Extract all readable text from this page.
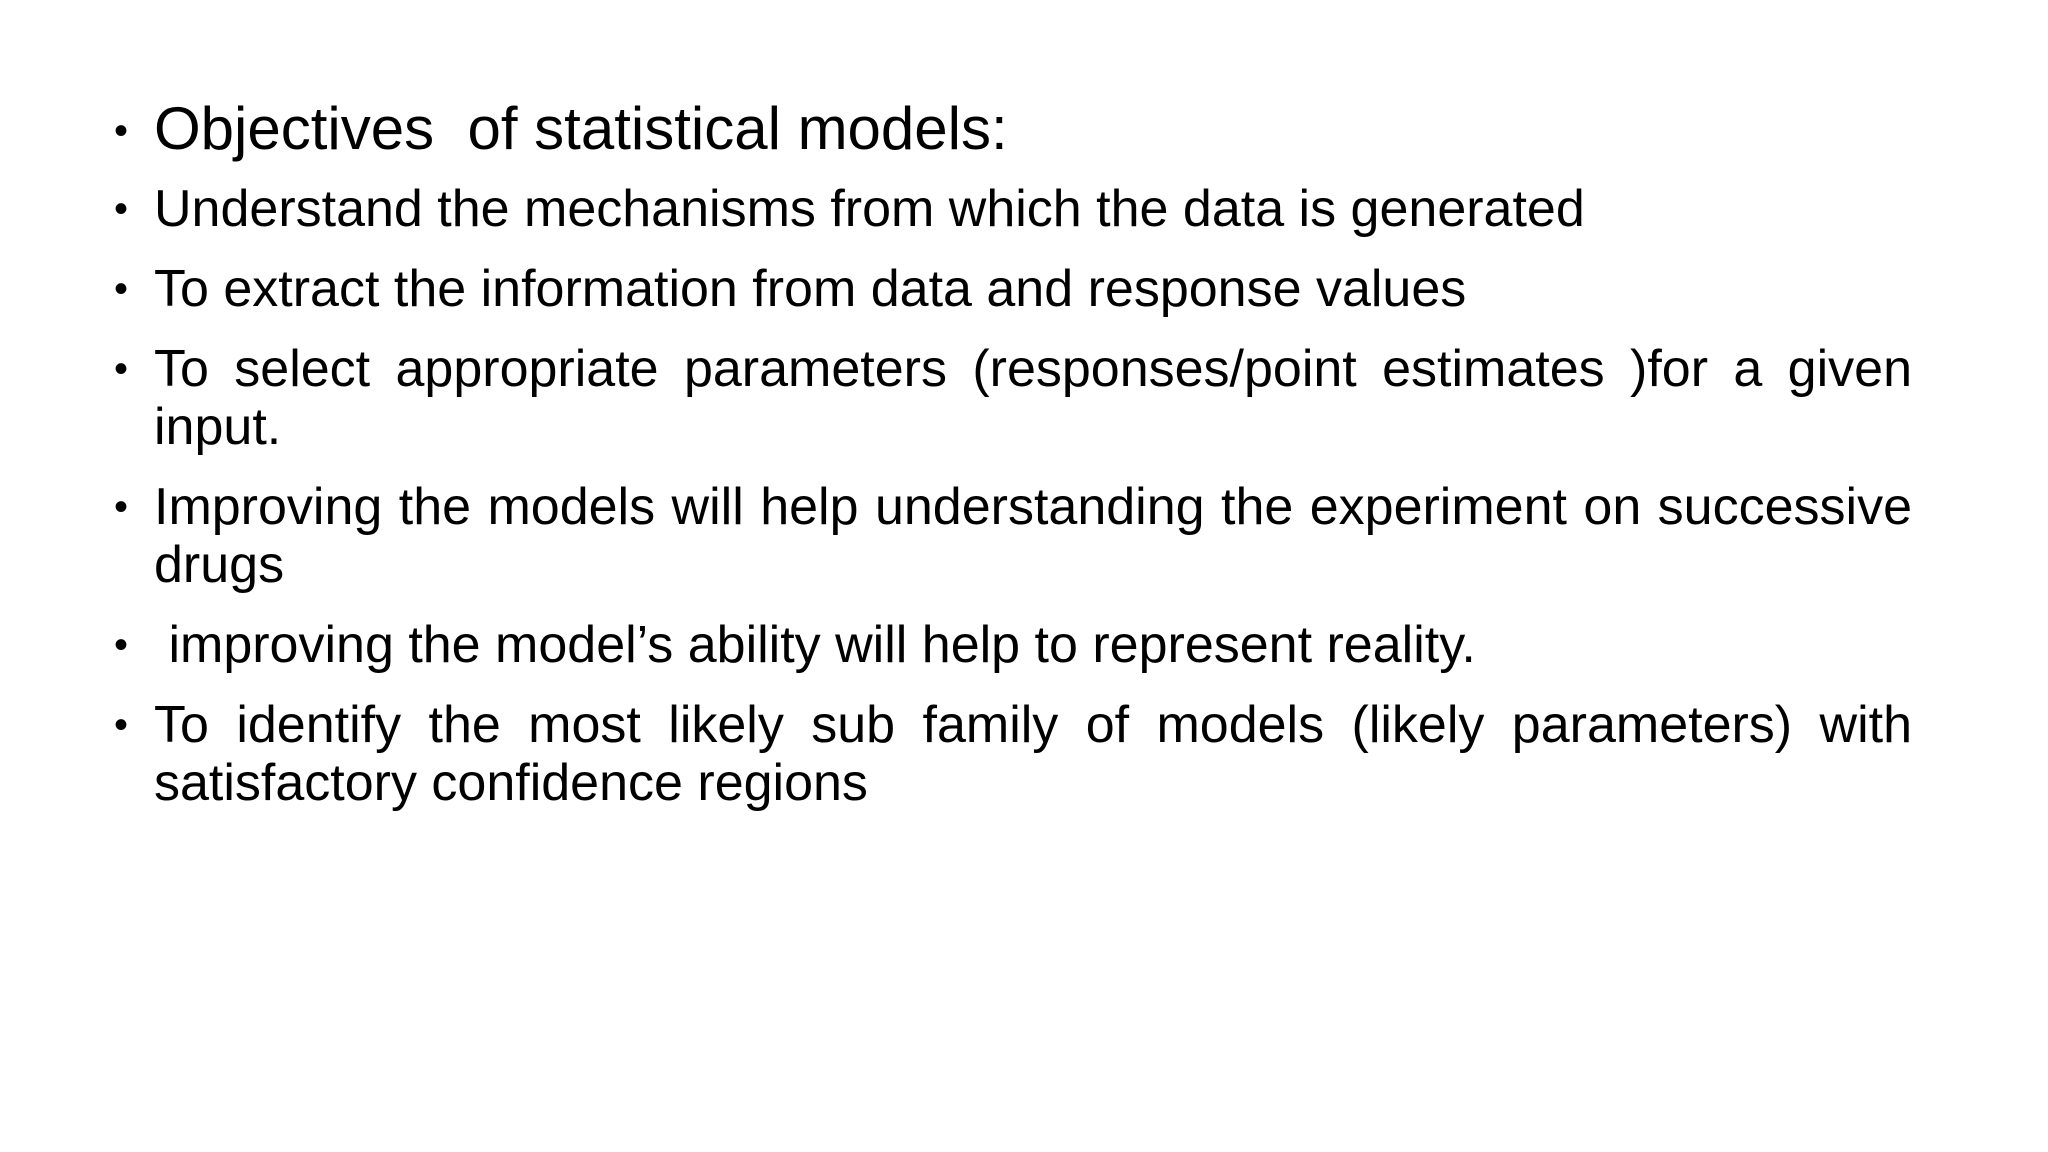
• Objectives  of statistical models:
• Understand the mechanisms from which the data is generated
• To extract the information from data and response values
• To select appropriate parameters (responses/point estimates )for a given input.
• Improving the models will help understanding the experiment on successive drugs
• improving the model’s ability will help to represent reality.
• To identify the most likely sub family of models (likely parameters) with satisfactory confidence regions
